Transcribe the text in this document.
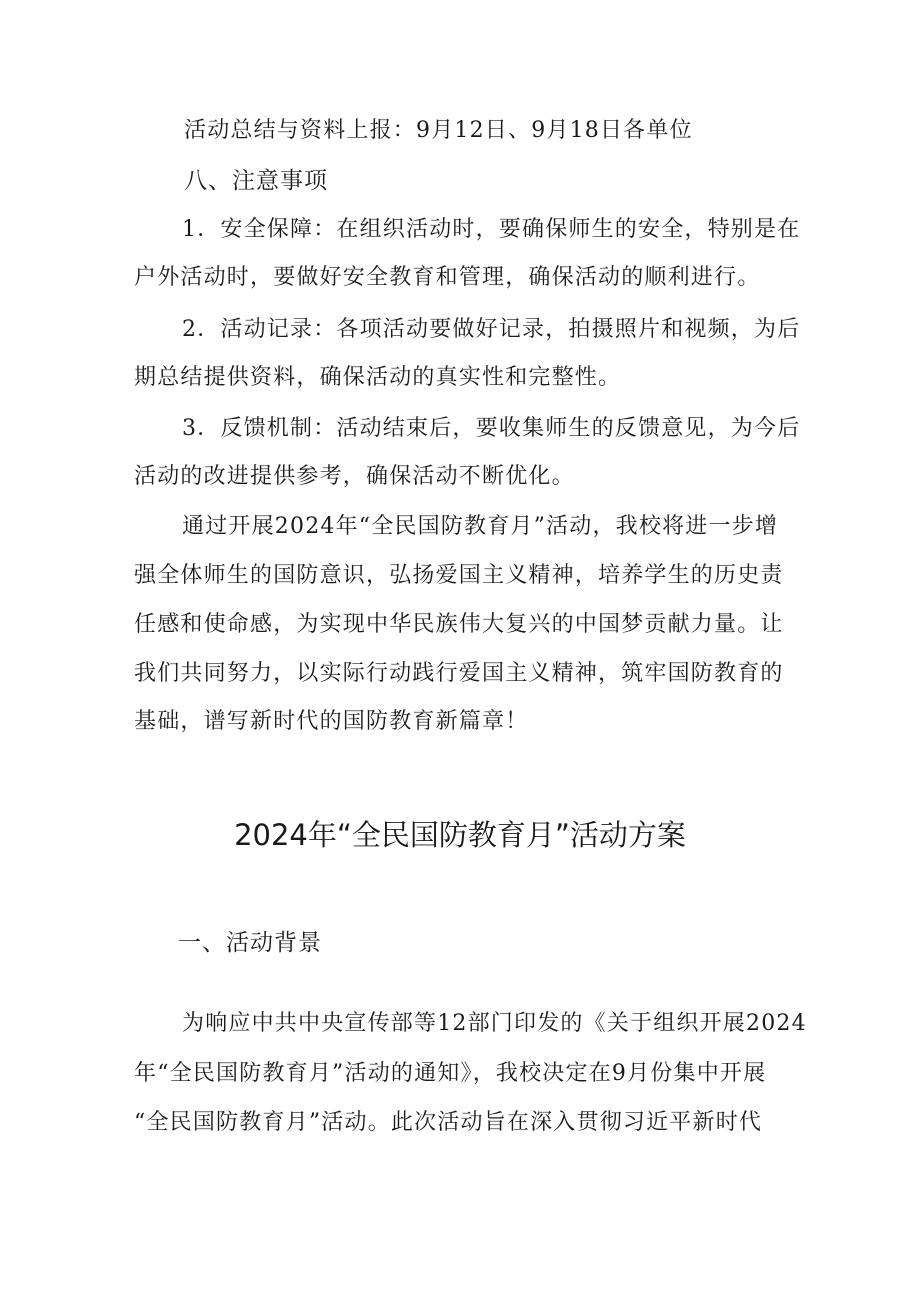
活动总结与资料上报：9月12日、9月18日各单位
八、注意事项
1．安全保障：在组织活动时，要确保师生的安全，特别是在
户外活动时，要做好安全教育和管理，确保活动的顺利进行。
2．活动记录：各项活动要做好记录，拍摄照片和视频，为后
期总结提供资料，确保活动的真实性和完整性。
3．反馈机制：活动结束后，要收集师生的反馈意见，为今后
活动的改进提供参考，确保活动不断优化。
通过开展2024年“全民国防教育月”活动，我校将进一步增
强全体师生的国防意识，弘扬爱国主义精神，培养学生的历史责
任感和使命感，为实现中华民族伟大复兴的中国梦贡献力量。让
我们共同努力，以实际行动践行爱国主义精神，筑牢国防教育的
基础，谱写新时代的国防教育新篇章！
2024年“全民国防教育月”活动方案
一、活动背景
为响应中共中央宣传部等12部门印发的《关于组织开展2024
年“全民国防教育月”活动的通知》，我校决定在9月份集中开展
“全民国防教育月”活动。此次活动旨在深入贯彻习近平新时代
